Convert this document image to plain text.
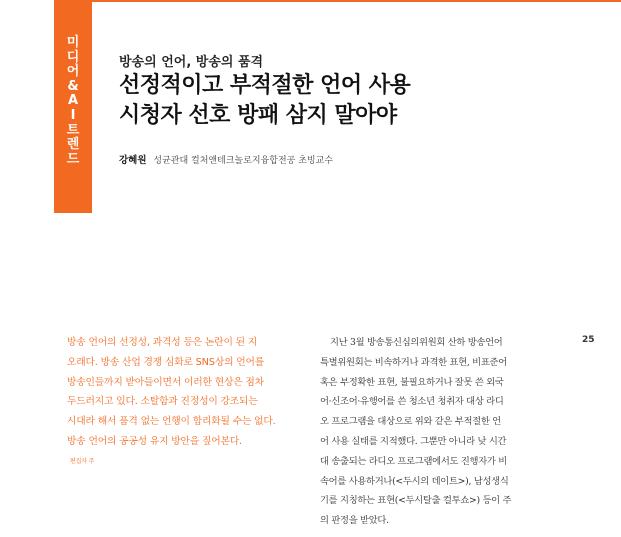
미
디
어
&
A
I
트
렌
드

방송의 언어, 방송의 품격

선정적이고 부적절한 언어 사용
시청자 선호 방패 삼지 말아야

강혜원 성균관대 컬처앤테크놀로지융합전공 초빙교수

방송 언어의 선정성, 과격성 등은 논란이 된 지
오래다. 방송 산업 경쟁 심화로 SNS상의 언어를
방송인들까지 받아들이면서 이러한 현상은 점차
두드러지고 있다. 소탈함과 진정성이 강조되는
시대라 해서 품격 없는 언행이 합리화될 수는 없다.
방송 언어의 공공성 유지 방안을 짚어본다.
$^{편집자 주}$

지난 3월 방송통신심의위원회 산하 방송언어
특별위원회는 비속하거나 과격한 표현, 비표준어
혹은 부정확한 표현, 불필요하거나 잘못 쓴 외국
어·신조어·유행어를 쓴 청소년 청취자 대상 라디
오 프로그램을 대상으로 위와 같은 부적절한 언
어 사용 실태를 지적했다. 그뿐만 아니라 낮 시간
대 송출되는 라디오 프로그램에서도 진행자가 비
속어를 사용하거나(<두시의 데이트>), 남성생식
기를 지칭하는 표현(<두시탈출 컬투쇼>) 등이 주
의 판정을 받았다.

25
